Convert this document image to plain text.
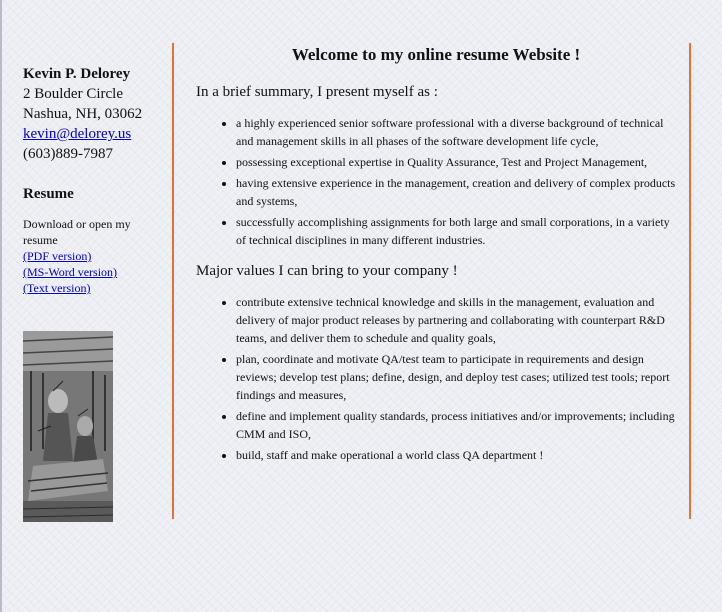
Kevin P. Delorey

2 Boulder Circle

Nashua, NH, 03062

kevin@delorey.us

(603)889-7987

Resume

Download or open my resume

(PDF version)
(MS-Word version)
(Text version)

Welcome to my online resume Website !

In a brief summary, I present myself as :

• a highly experienced senior software professional with a diverse background of technical and management skills in all phases of the software development life cycle,
• possessing exceptional expertise in Quality Assurance, Test and Project Management,
• having extensive experience in the management, creation and delivery of complex products and systems,
• successfully accomplishing assignments for both large and small corporations, in a variety of technical disciplines in many different industries.

Major values I can bring to your company !

• contribute extensive technical knowledge and skills in the management, evaluation and delivery of major product releases by partnering and collaborating with counterpart R&D teams, and deliver them to schedule and quality goals,
• plan, coordinate and motivate QA/test team to participate in requirements and design reviews; develop test plans; define, design, and deploy test cases; utilized test tools; report findings and measures,
• define and implement quality standards, process initiatives and/or improvements; including CMM and ISO,
• build, staff and make operational a world class QA department !
